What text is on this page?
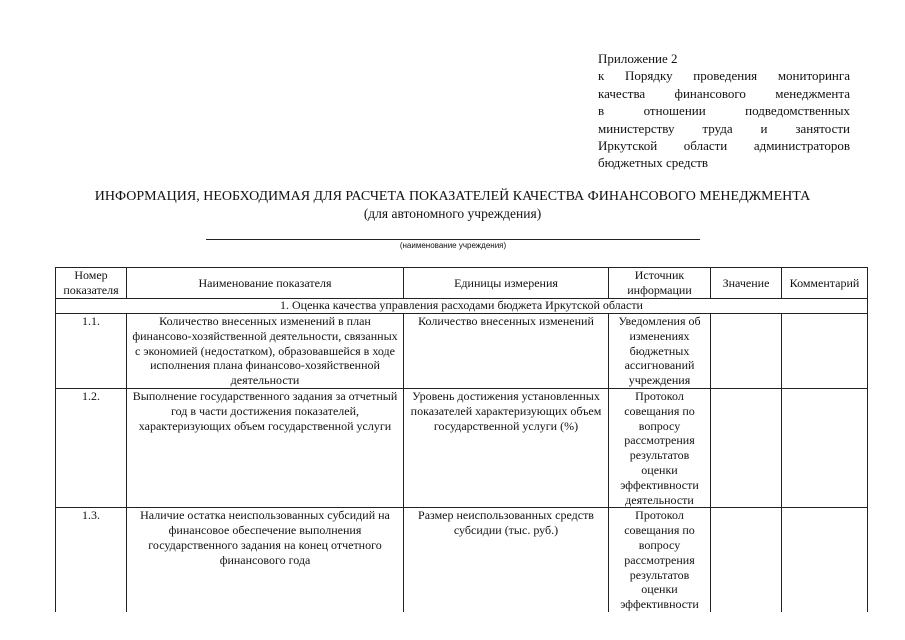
Приложение 2
к Порядку проведения мониторинга
качества финансового менеджмента
в отношении подведомственных
министерству труда и занятости
Иркутской области администраторов
бюджетных средств
ИНФОРМАЦИЯ, НЕОБХОДИМАЯ ДЛЯ РАСЧЕТА ПОКАЗАТЕЛЕЙ КАЧЕСТВА ФИНАНСОВОГО МЕНЕДЖМЕНТА
(для автономного учреждения)
(наименование учреждения)
Номер показателя	Наименование показателя	Единицы измерения	Источник информации	Значение	Комментарий
1. Оценка качества управления расходами бюджета Иркутской области					
1.1.	Количество внесенных изменений в план финансово-хозяйственной деятельности, связанных с экономией (недостатком), образовавшейся в ходе исполнения плана финансово-хозяйственной деятельности	Количество внесенных изменений	Уведомления об изменениях бюджетных ассигнований учреждения		
1.2.	Выполнение государственного задания за отчетный год в части достижения показателей, характеризующих объем государственной услуги	Уровень достижения установленных показателей характеризующих объем государственной услуги (%)	Протокол совещания по вопросу рассмотрения результатов оценки эффективности деятельности		
1.3.	Наличие остатка неиспользованных субсидий на финансовое обеспечение выполнения государственного задания на конец отчетного финансового года	Размер неиспользованных средств субсидии (тыс. руб.)	Протокол совещания по вопросу рассмотрения результатов оценки эффективности		
